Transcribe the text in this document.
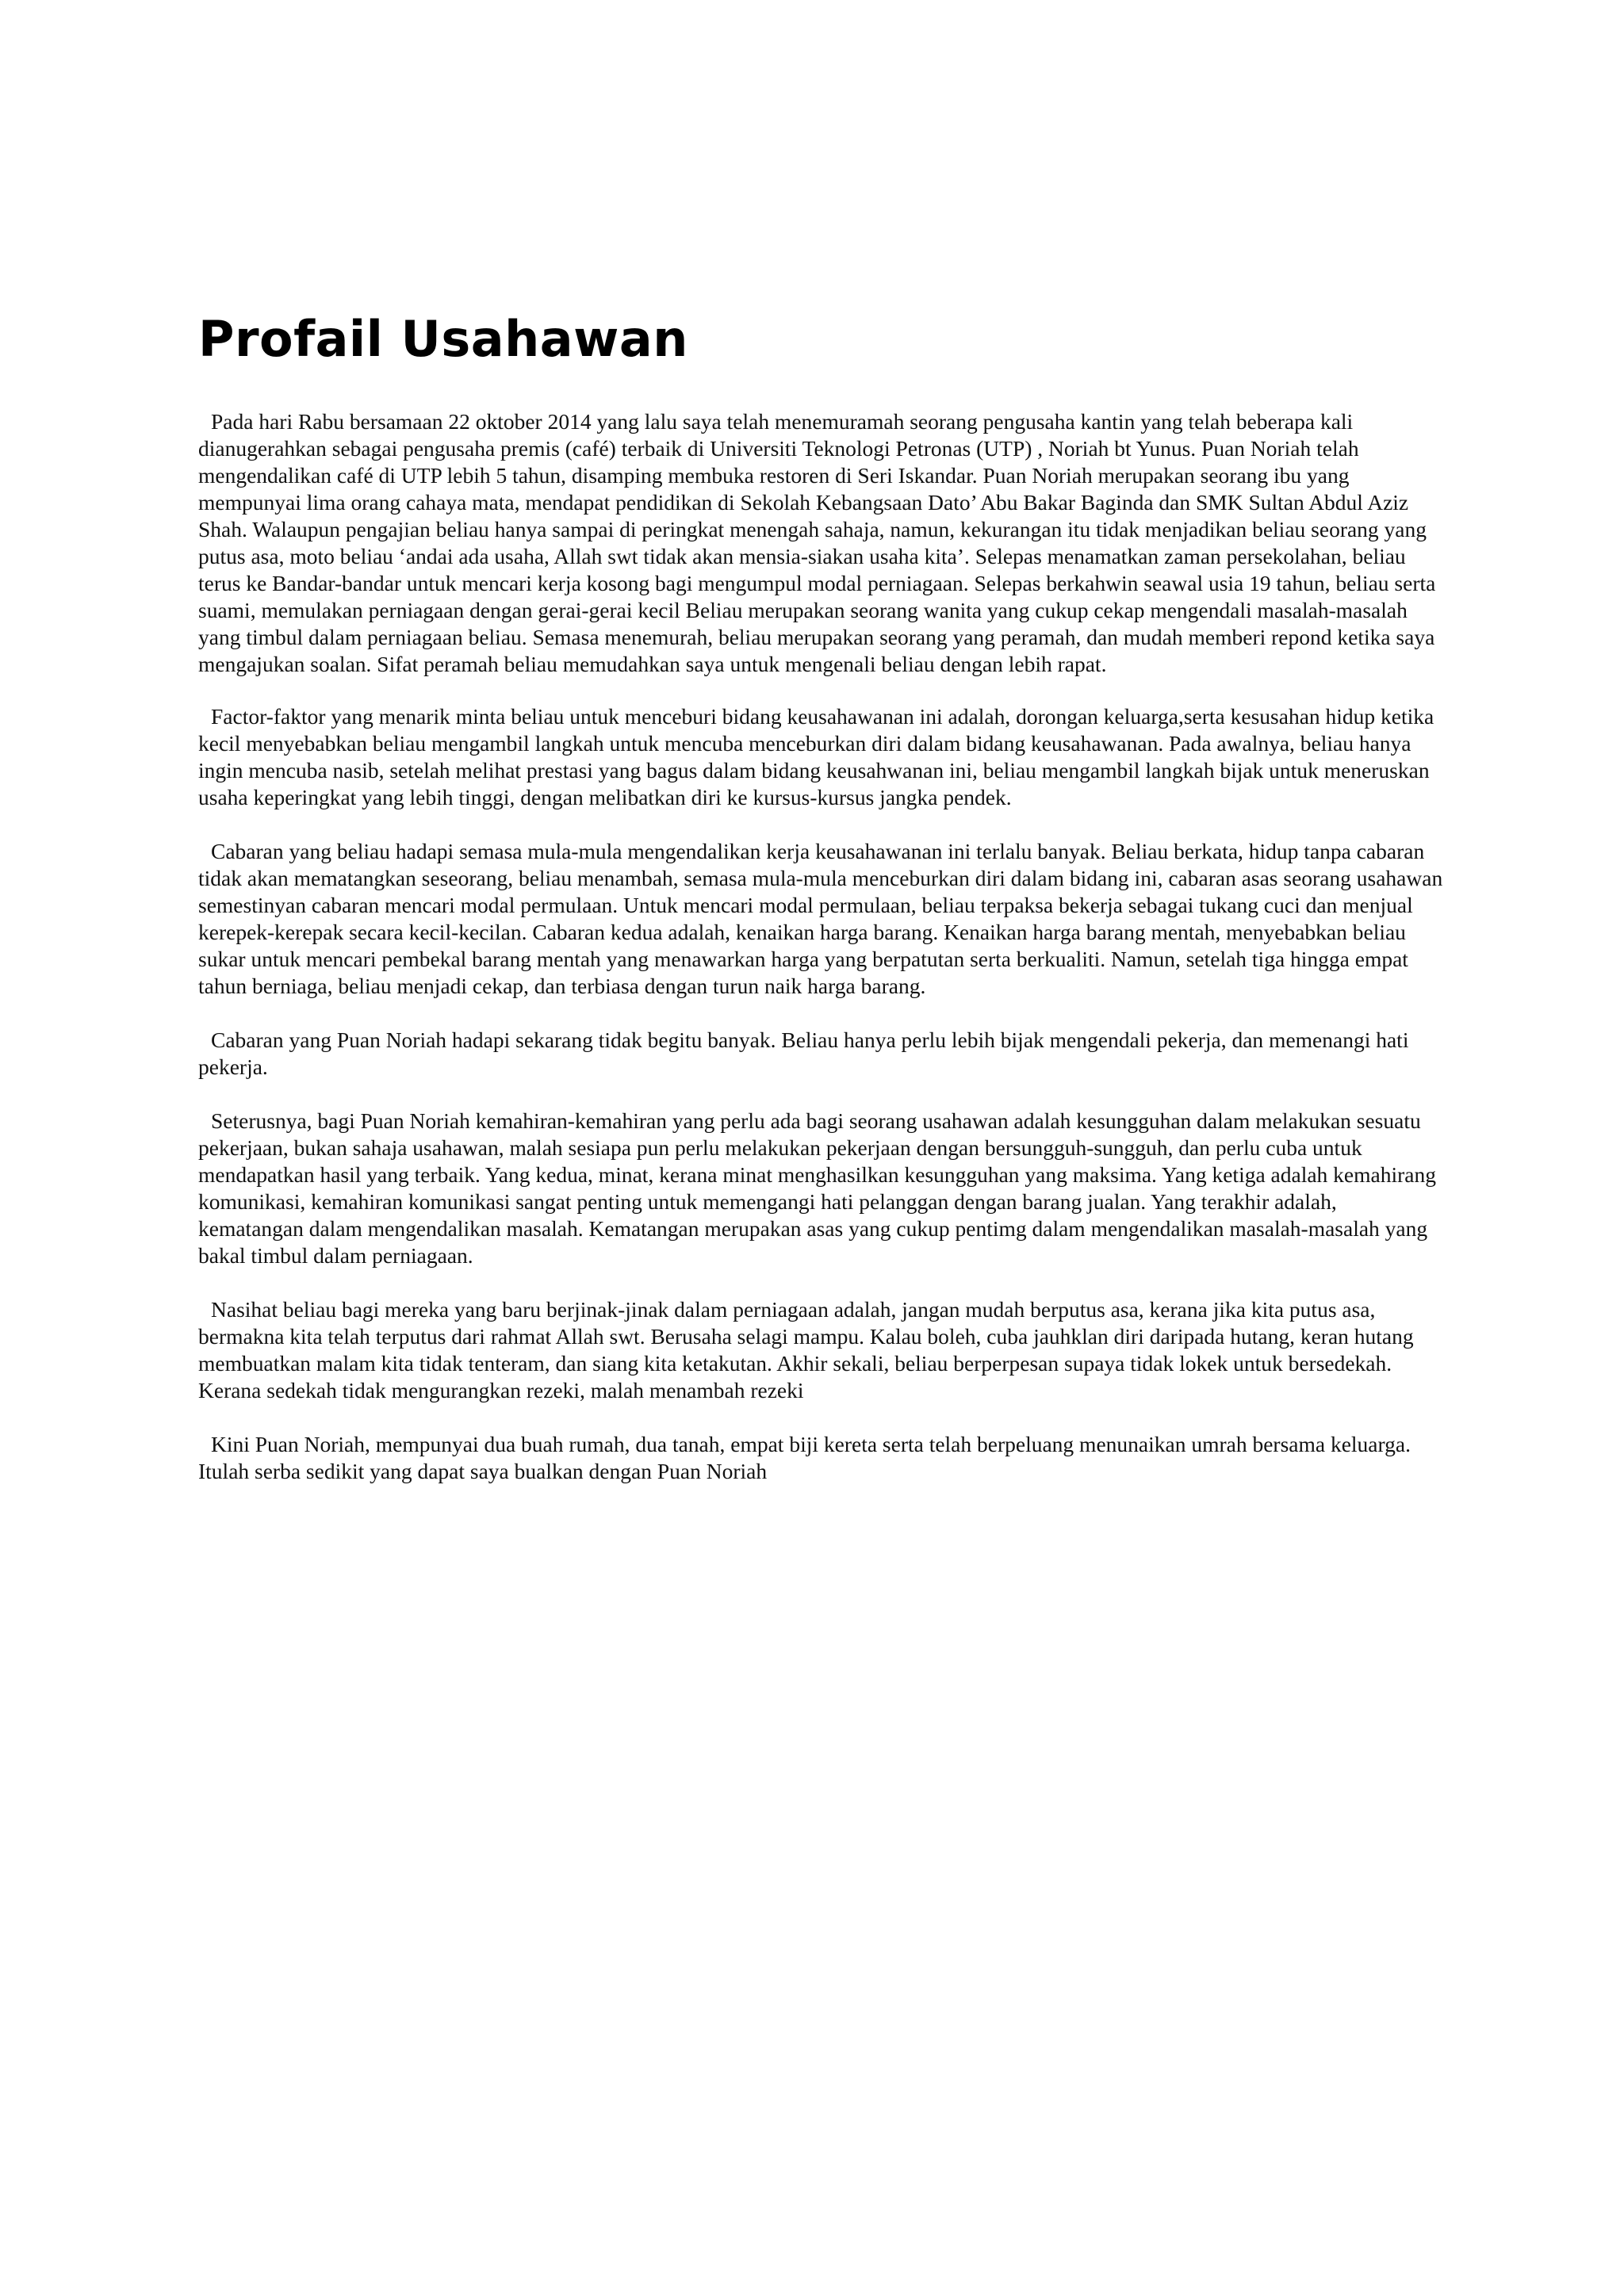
Profail Usahawan

Pada hari Rabu bersamaan 22 oktober 2014 yang lalu saya telah menemuramah seorang pengusaha kantin yang telah beberapa kali dianugerahkan sebagai pengusaha premis (café) terbaik di Universiti Teknologi Petronas (UTP) , Noriah bt Yunus. Puan Noriah telah mengendalikan café di UTP lebih 5 tahun, disamping membuka restoren di Seri Iskandar. Puan Noriah merupakan seorang ibu yang mempunyai lima orang cahaya mata, mendapat pendidikan di Sekolah Kebangsaan Dato’ Abu Bakar Baginda dan SMK Sultan Abdul Aziz Shah. Walaupun pengajian beliau hanya sampai di peringkat menengah sahaja, namun, kekurangan itu tidak menjadikan beliau seorang yang putus asa, moto beliau ‘andai ada usaha, Allah swt tidak akan mensia-siakan usaha kita’. Selepas menamatkan zaman persekolahan, beliau terus ke Bandar-bandar untuk mencari kerja kosong bagi mengumpul modal perniagaan. Selepas berkahwin seawal usia 19 tahun, beliau serta suami, memulakan perniagaan dengan gerai-gerai kecil Beliau merupakan seorang wanita yang cukup cekap mengendali masalah-masalah yang timbul dalam perniagaan beliau. Semasa menemurah, beliau merupakan seorang yang peramah, dan mudah memberi repond ketika saya mengajukan soalan. Sifat peramah beliau memudahkan saya untuk mengenali beliau dengan lebih rapat.

Factor-faktor yang menarik minta beliau untuk menceburi bidang keusahawanan ini adalah, dorongan keluarga,serta kesusahan hidup ketika kecil menyebabkan beliau mengambil langkah untuk mencuba menceburkan diri dalam bidang keusahawanan. Pada awalnya, beliau hanya ingin mencuba nasib, setelah melihat prestasi yang bagus dalam bidang keusahwanan ini, beliau mengambil langkah bijak untuk meneruskan usaha keperingkat yang lebih tinggi, dengan melibatkan diri ke kursus-kursus jangka pendek.

Cabaran yang beliau hadapi semasa mula-mula mengendalikan kerja keusahawanan ini terlalu banyak. Beliau berkata, hidup tanpa cabaran tidak akan mematangkan seseorang, beliau menambah, semasa mula-mula menceburkan diri dalam bidang ini, cabaran asas seorang usahawan semestinyan cabaran mencari modal permulaan. Untuk mencari modal permulaan, beliau terpaksa bekerja sebagai tukang cuci dan menjual kerepek-kerepak secara kecil-kecilan. Cabaran kedua adalah, kenaikan harga barang. Kenaikan harga barang mentah, menyebabkan beliau sukar untuk mencari pembekal barang mentah yang menawarkan harga yang berpatutan serta berkualiti. Namun, setelah tiga hingga empat tahun berniaga, beliau menjadi cekap, dan terbiasa dengan turun naik harga barang.

Cabaran yang Puan Noriah hadapi sekarang tidak begitu banyak. Beliau hanya perlu lebih bijak mengendali pekerja, dan memenangi hati pekerja.

Seterusnya, bagi Puan Noriah kemahiran-kemahiran yang perlu ada bagi seorang usahawan adalah kesungguhan dalam melakukan sesuatu pekerjaan, bukan sahaja usahawan, malah sesiapa pun perlu melakukan pekerjaan dengan bersungguh-sungguh, dan perlu cuba untuk mendapatkan hasil yang terbaik. Yang kedua, minat, kerana minat menghasilkan kesungguhan yang maksima. Yang ketiga adalah kemahirang komunikasi, kemahiran komunikasi sangat penting untuk memengangi hati pelanggan dengan barang jualan. Yang terakhir adalah, kematangan dalam mengendalikan masalah. Kematangan merupakan asas yang cukup pentimg dalam mengendalikan masalah-masalah yang bakal timbul dalam perniagaan.

Nasihat beliau bagi mereka yang baru berjinak-jinak dalam perniagaan adalah, jangan mudah berputus asa, kerana jika kita putus asa, bermakna kita telah terputus dari rahmat Allah swt. Berusaha selagi mampu. Kalau boleh, cuba jauhklan diri daripada hutang, keran hutang membuatkan malam kita tidak tenteram, dan siang kita ketakutan. Akhir sekali, beliau berperpesan supaya tidak lokek untuk bersedekah. Kerana sedekah tidak mengurangkan rezeki, malah menambah rezeki

Kini Puan Noriah, mempunyai dua buah rumah, dua tanah, empat biji kereta serta telah berpeluang menunaikan umrah bersama keluarga. Itulah serba sedikit yang dapat saya bualkan dengan Puan Noriah
